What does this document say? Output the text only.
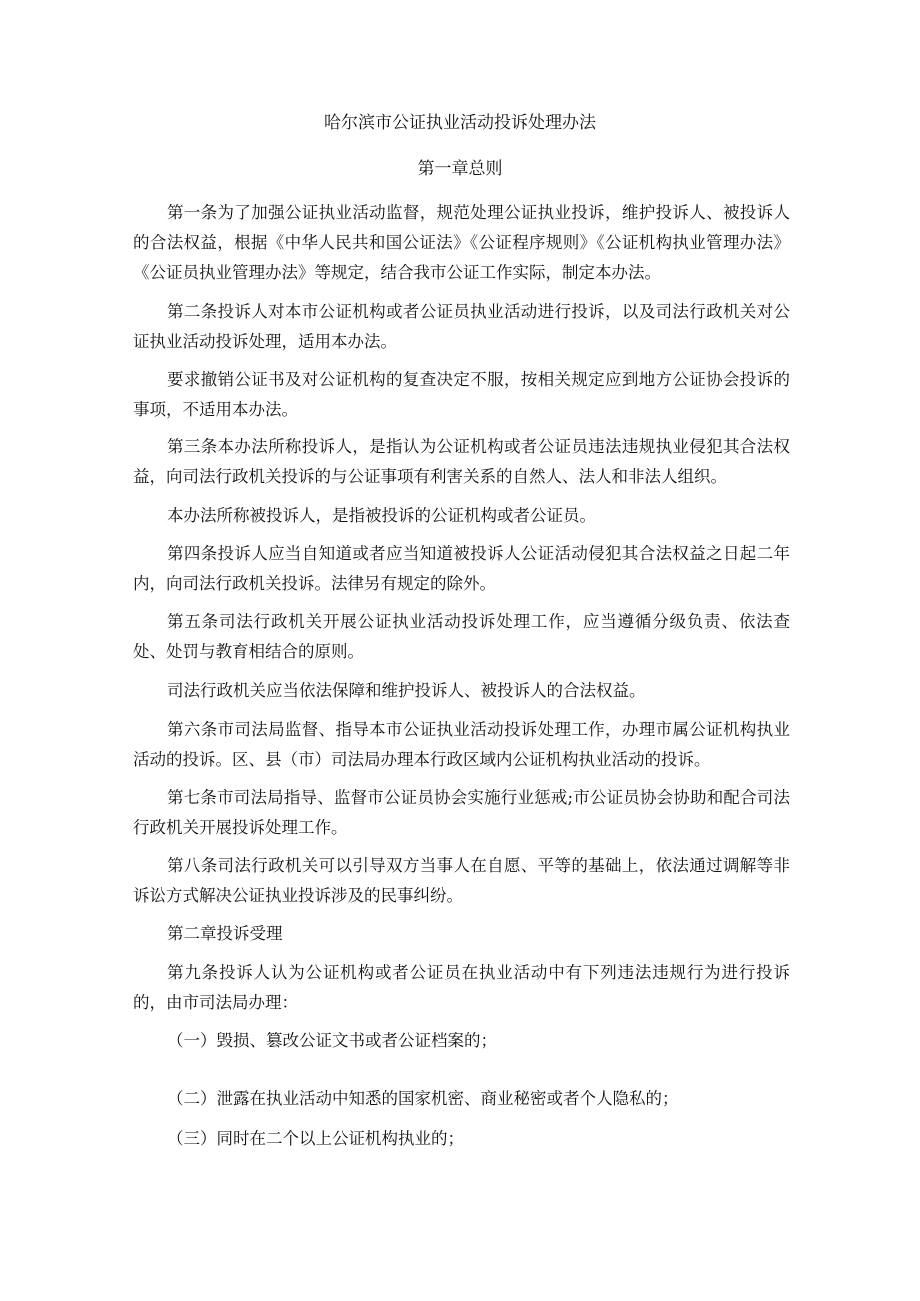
哈尔滨市公证执业活动投诉处理办法
第一章总则

第一条为了加强公证执业活动监督，规范处理公证执业投诉，维护投诉人、被投诉人的合法权益，根据《中华人民共和国公证法》《公证程序规则》《公证机构执业管理办法》《公证员执业管理办法》等规定，结合我市公证工作实际，制定本办法。

第二条投诉人对本市公证机构或者公证员执业活动进行投诉，以及司法行政机关对公证执业活动投诉处理，适用本办法。

要求撤销公证书及对公证机构的复查决定不服，按相关规定应到地方公证协会投诉的事项，不适用本办法。

第三条本办法所称投诉人，是指认为公证机构或者公证员违法违规执业侵犯其合法权益，向司法行政机关投诉的与公证事项有利害关系的自然人、法人和非法人组织。

本办法所称被投诉人，是指被投诉的公证机构或者公证员。

第四条投诉人应当自知道或者应当知道被投诉人公证活动侵犯其合法权益之日起二年内，向司法行政机关投诉。法律另有规定的除外。

第五条司法行政机关开展公证执业活动投诉处理工作，应当遵循分级负责、依法查处、处罚与教育相结合的原则。

司法行政机关应当依法保障和维护投诉人、被投诉人的合法权益。

第六条市司法局监督、指导本市公证执业活动投诉处理工作，办理市属公证机构执业活动的投诉。区、县（市）司法局办理本行政区域内公证机构执业活动的投诉。

第七条市司法局指导、监督市公证员协会实施行业惩戒;市公证员协会协助和配合司法行政机关开展投诉处理工作。

第八条司法行政机关可以引导双方当事人在自愿、平等的基础上，依法通过调解等非诉讼方式解决公证执业投诉涉及的民事纠纷。

第二章投诉受理

第九条投诉人认为公证机构或者公证员在执业活动中有下列违法违规行为进行投诉的，由市司法局办理：

（一）毁损、篡改公证文书或者公证档案的；

（二）泄露在执业活动中知悉的国家机密、商业秘密或者个人隐私的；

（三）同时在二个以上公证机构执业的；
